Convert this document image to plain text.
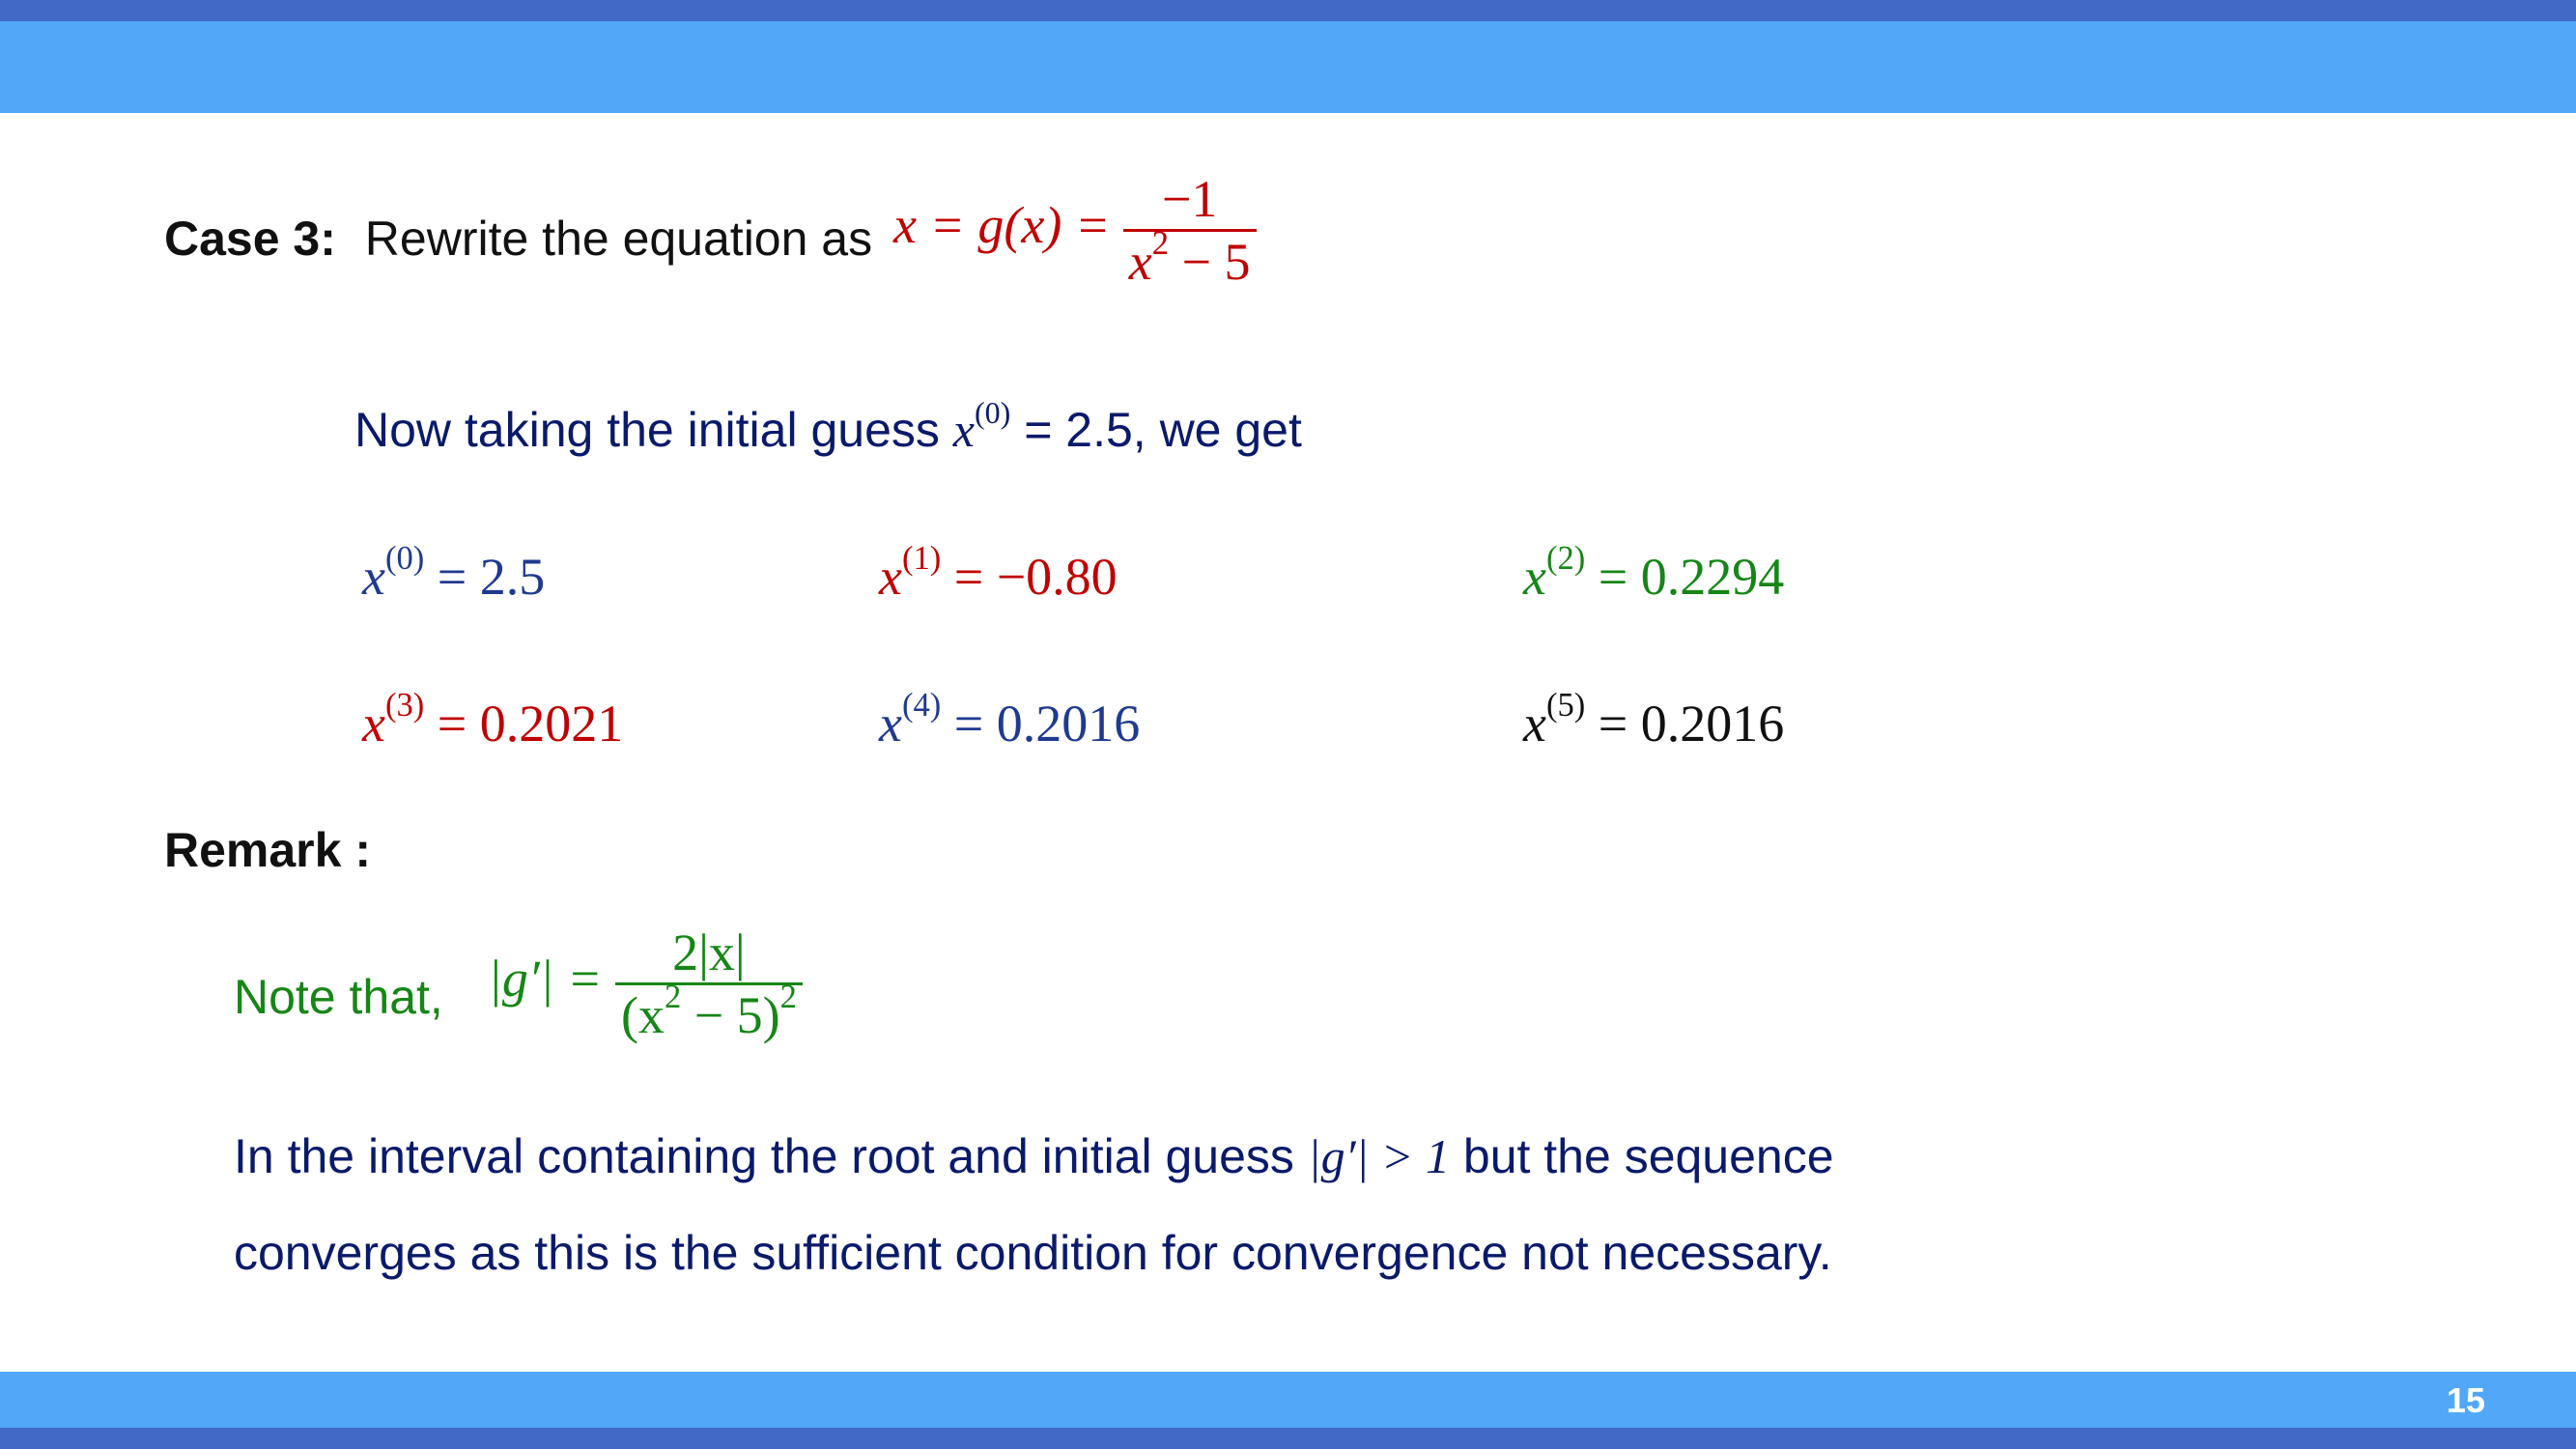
Case 3: Rewrite the equation as $x = g(x) = \frac{-1}{x^2 - 5}$
Now taking the initial guess $x^{(0)} = 2.5$, we get
$x^{(0)} = 2.5$	$x^{(1)} = -0.80$	$x^{(2)} = 0.2294$
$x^{(3)} = 0.2021$	$x^{(4)} = 0.2016$	$x^{(5)} = 0.2016$
Remark :
Note that, $|g'| = \frac{2|x|}{(x^2 - 5)^2}$
In the interval containing the root and initial guess |g′| > 1 but the sequence
converges as this is the sufficient condition for convergence not necessary.
15
